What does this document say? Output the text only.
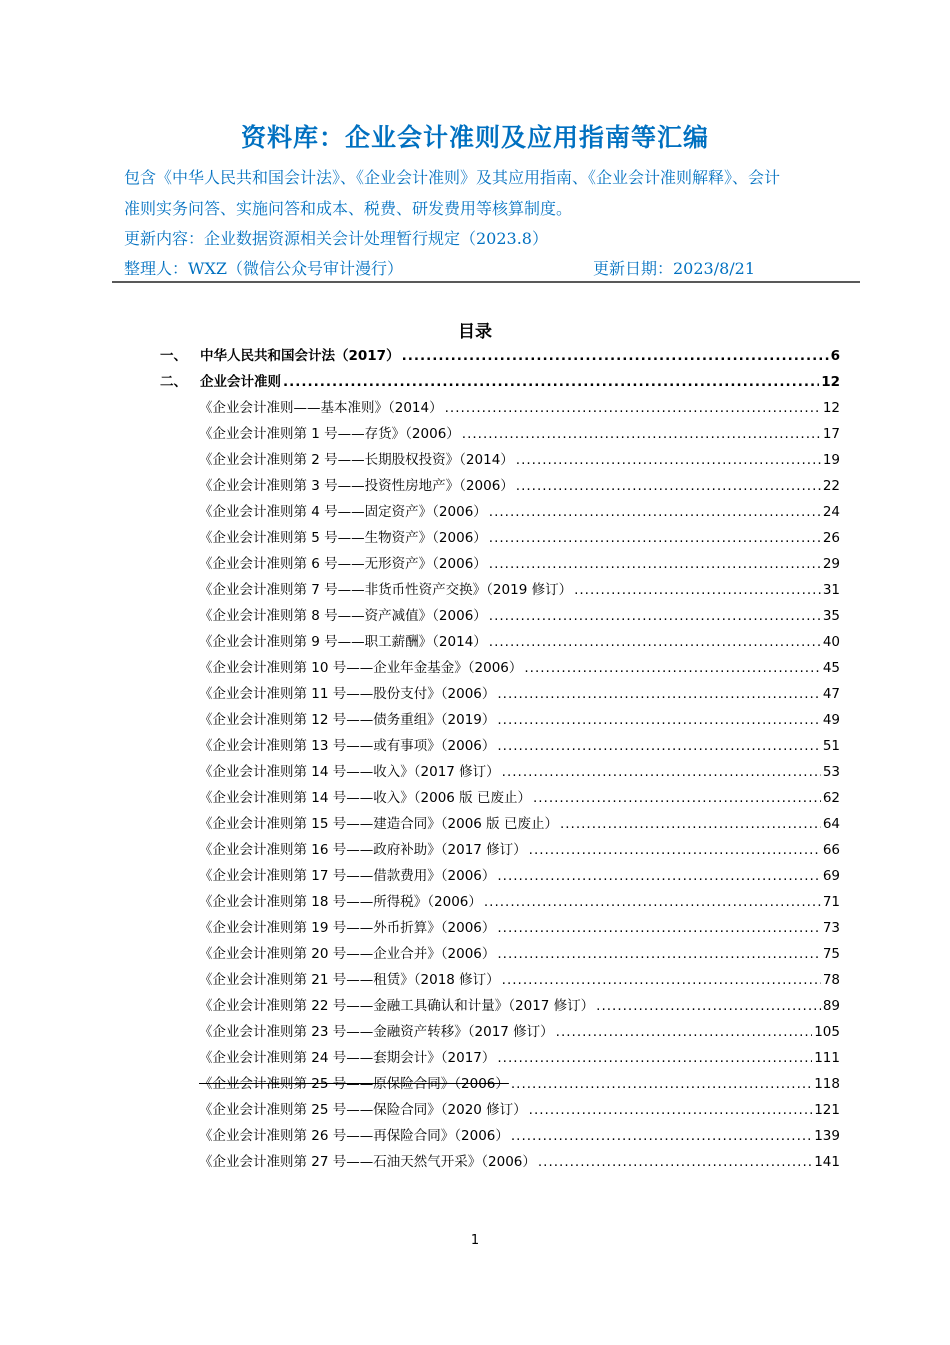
资料库：企业会计准则及应用指南等汇编
包含《中华人民共和国会计法》、《企业会计准则》及其应用指南、《企业会计准则解释》、会计
准则实务问答、实施问答和成本、税费、研发费用等核算制度。
更新内容：企业数据资源相关会计处理暂行规定（2023.8）
整理人：WXZ（微信公众号审计漫行）	更新日期：2023/8/21
目录
一、 中华人民共和国会计法（2017） .....	6
二、 企业会计准则 .....	12
《企业会计准则——基本准则》（2014） .....	12
《企业会计准则第 1 号——存货》（2006） .....	17
《企业会计准则第 2 号——长期股权投资》（2014） .....	19
《企业会计准则第 3 号——投资性房地产》（2006） .....	22
《企业会计准则第 4 号——固定资产》（2006） .....	24
《企业会计准则第 5 号——生物资产》（2006） .....	26
《企业会计准则第 6 号——无形资产》（2006） .....	29
《企业会计准则第 7 号——非货币性资产交换》（2019 修订） .....	31
《企业会计准则第 8 号——资产减值》（2006） .....	35
《企业会计准则第 9 号——职工薪酬》（2014） .....	40
《企业会计准则第 10 号——企业年金基金》（2006） .....	45
《企业会计准则第 11 号——股份支付》（2006） .....	47
《企业会计准则第 12 号——债务重组》（2019） .....	49
《企业会计准则第 13 号——或有事项》（2006） .....	51
《企业会计准则第 14 号——收入》（2017 修订） .....	53
《企业会计准则第 14 号——收入》（2006 版 已废止） .....	62
《企业会计准则第 15 号——建造合同》（2006 版 已废止） .....	64
《企业会计准则第 16 号——政府补助》（2017 修订） .....	66
《企业会计准则第 17 号——借款费用》（2006） .....	69
《企业会计准则第 18 号——所得税》（2006） .....	71
《企业会计准则第 19 号——外币折算》（2006） .....	73
《企业会计准则第 20 号——企业合并》（2006） .....	75
《企业会计准则第 21 号——租赁》（2018 修订） .....	78
《企业会计准则第 22 号——金融工具确认和计量》（2017 修订） .....	89
《企业会计准则第 23 号——金融资产转移》（2017 修订） .....	105
《企业会计准则第 24 号——套期会计》（2017） .....	111
《企业会计准则第 25 号——原保险合同》（2006） .....	118
《企业会计准则第 25 号——保险合同》（2020 修订） .....	121
《企业会计准则第 26 号——再保险合同》（2006） .....	139
《企业会计准则第 27 号——石油天然气开采》（2006） .....	141
1
